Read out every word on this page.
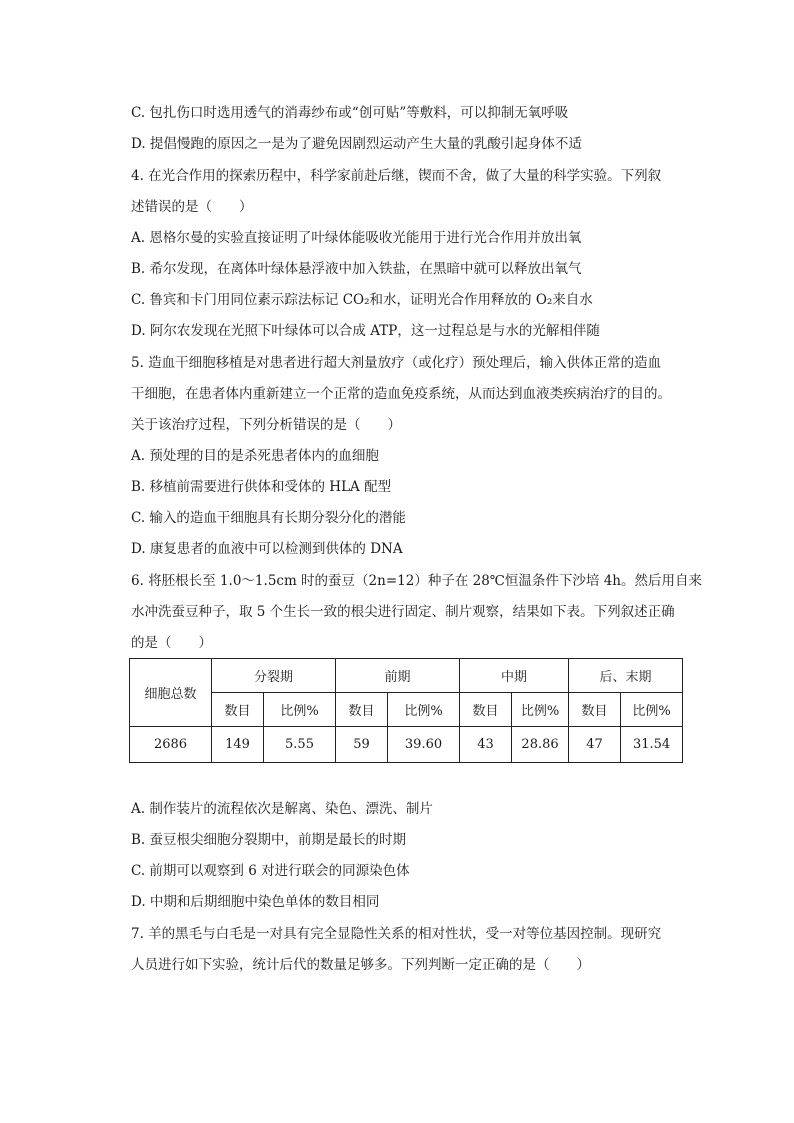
C. 包扎伤口时选用透气的消毒纱布或“创可贴”等敷料，可以抑制无氧呼吸
D. 提倡慢跑的原因之一是为了避免因剧烈运动产生大量的乳酸引起身体不适
4. 在光合作用的探索历程中，科学家前赴后继，锲而不舍，做了大量的科学实验。下列叙
述错误的是（　　）
A. 恩格尔曼的实验直接证明了叶绿体能吸收光能用于进行光合作用并放出氧
B. 希尔发现，在离体叶绿体悬浮液中加入铁盐，在黑暗中就可以释放出氧气
C. 鲁宾和卡门用同位素示踪法标记 CO₂和水，证明光合作用释放的 O₂来自水
D. 阿尔农发现在光照下叶绿体可以合成 ATP，这一过程总是与水的光解相伴随
5. 造血干细胞移植是对患者进行超大剂量放疗（或化疗）预处理后，输入供体正常的造血
干细胞，在患者体内重新建立一个正常的造血免疫系统，从而达到血液类疾病治疗的目的。
关于该治疗过程，下列分析错误的是（　　）
A. 预处理的目的是杀死患者体内的血细胞
B. 移植前需要进行供体和受体的 HLA 配型
C. 输入的造血干细胞具有长期分裂分化的潜能
D. 康复患者的血液中可以检测到供体的 DNA
6. 将胚根长至 1.0～1.5cm 时的蚕豆（2n=12）种子在 28℃恒温条件下沙培 4h。然后用自来
水冲洗蚕豆种子，取 5 个生长一致的根尖进行固定、制片观察，结果如下表。下列叙述正确
的是（　　）
细胞总数	分裂期		前期		中期		后、末期	
	数目	比例%	数目	比例%	数目	比例%	数目	比例%
2686	149	5.55	59	39.60	43	28.86	47	31.54
A. 制作装片的流程依次是解离、染色、漂洗、制片
B. 蚕豆根尖细胞分裂期中，前期是最长的时期
C. 前期可以观察到 6 对进行联会的同源染色体
D. 中期和后期细胞中染色单体的数目相同
7. 羊的黑毛与白毛是一对具有完全显隐性关系的相对性状，受一对等位基因控制。现研究
人员进行如下实验，统计后代的数量足够多。下列判断一定正确的是（　　）
